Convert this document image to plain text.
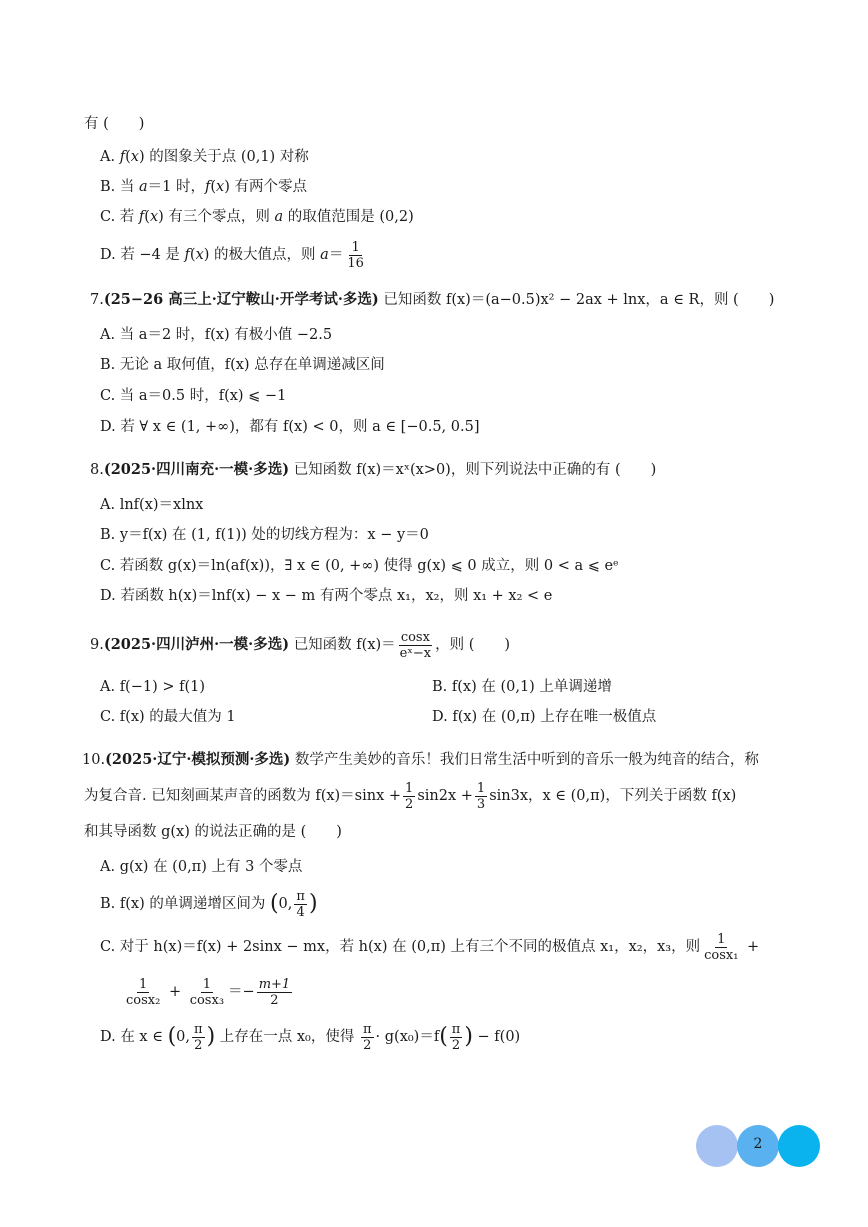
有 ( )
A. f(x) 的图象关于点 (0,1) 对称
B. 当 a＝1 时，f(x) 有两个零点
C. 若 f(x) 有三个零点，则 a 的取值范围是 (0,2)
D. 若 −4 是 f(x) 的极大值点，则 $a= \frac{1}{16}$
7.(25−26 高三上·辽宁鞍山·开学考试·多选) 已知函数 f(x)＝(a−0.5)x² − 2ax + lnx，a ∈ R，则 ( )
A. 当 a＝2 时，f(x) 有极小值 −2.5
B. 无论 a 取何值，f(x) 总存在单调递减区间
C. 当 a＝0.5 时，f(x) ⩽ −1
D. 若 ∀ x ∈ (1, +∞)，都有 f(x) < 0，则 a ∈ [−0.5, 0.5]
8.(2025·四川南充·一模·多选) 已知函数 f(x)＝xˣ(x>0)，则下列说法中正确的有 ( )
A. lnf(x)＝xlnx
B. y＝f(x) 在 (1, f(1)) 处的切线方程为：x − y＝0
C. 若函数 g(x)＝ln(af(x))，∃ x ∈ (0, +∞) 使得 g(x) ⩽ 0 成立，则 0 < a ⩽ eᵉ
D. 若函数 h(x)＝lnf(x) − x − m 有两个零点 x₁，x₂，则 x₁ + x₂ < e
9.(2025·四川泸州·一模·多选) 已知函数 $f(x)= \frac{\cos x}{\text{eˣ−x}}$ ，则 ( )
A. f(−1) > f(1)	B. f(x) 在 (0,1) 上单调递增
C. f(x) 的最大值为 1	D. f(x) 在 (0,π) 上存在唯一极值点
10.(2025·辽宁·模拟预测·多选) 数学产生美妙的音乐！我们日常生活中听到的音乐一般为纯音的结合，称
为复合音. 已知刻画某声音的函数为 $f(x)=\sin x + \frac{1}{2} \sin 2x + \frac{1}{3} \sin 3x$，x ∈ (0,π)，下列关于函数 f(x)
和其导函数 g(x) 的说法正确的是 ( )
A. g(x) 在 (0,π) 上有 3 个零点
B. f(x) 的单调递增区间为 (0, $\frac{\pi}{4}$ )
C. 对于 h(x)＝f(x) + 2sinx − mx，若 h(x) 在 (0,π) 上有三个不同的极值点 x₁，x₂，x₃，则 $\frac{1}{\text{cosx₁}}$ +
$\frac{1}{\text{cosx₂}} + \frac{1}{\text{cosx₃}} =- \frac{m+1}{2}$
D. 在 x ∈ (0, $\frac{\pi}{2}$ ) 上存在一点 x₀，使得 $\frac{\pi}{2} \cdot g(x_0)=f( \frac{\pi}{2}$ ) − f(0)
2
